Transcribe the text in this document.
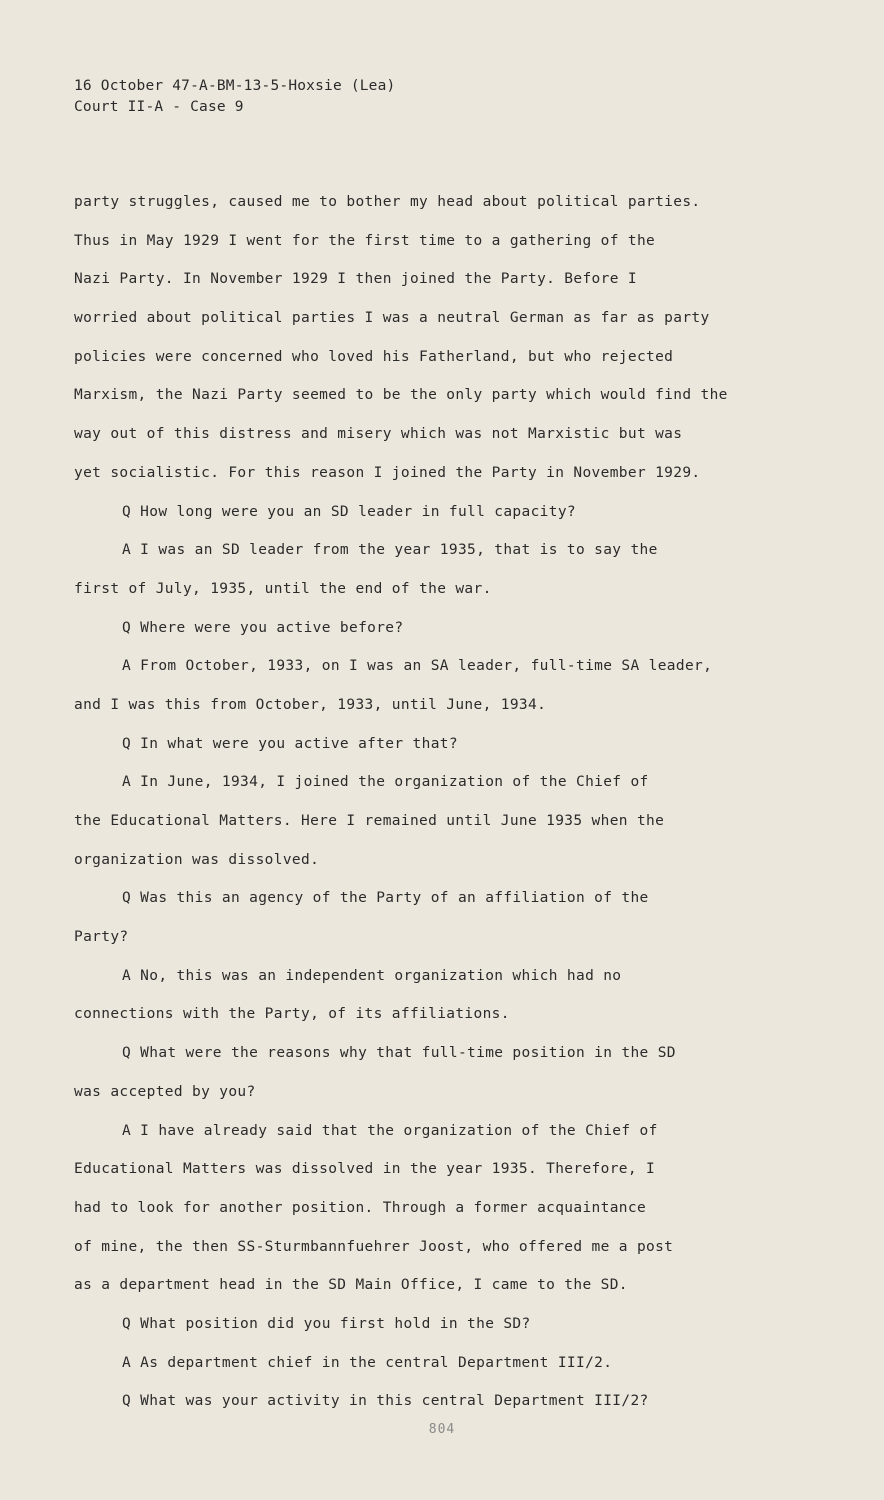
16 October 47-A-BM-13-5-Hoxsie (Lea)
Court II-A - Case 9
party struggles, caused me to bother my head about political parties.
Thus in May 1929 I went for the first time to a gathering of the
Nazi Party. In November 1929 I then joined the Party. Before I
worried about political parties I was a neutral German as far as party
policies were concerned who loved his Fatherland, but who rejected
Marxism, the Nazi Party seemed to be the only party which would find the
way out of this distress and misery which was not Marxistic but was
yet socialistic. For this reason I joined the Party in November 1929.
Q How long were you an SD leader in full capacity?
A I was an SD leader from the year 1935, that is to say the
first of July, 1935, until the end of the war.
Q Where were you active before?
A From October, 1933, on I was an SA leader, full-time SA leader,
and I was this from October, 1933, until June, 1934.
Q In what were you active after that?
A In June, 1934, I joined the organization of the Chief of
the Educational Matters. Here I remained until June 1935 when the
organization was dissolved.
Q Was this an agency of the Party of an affiliation of the
Party?
A No, this was an independent organization which had no
connections with the Party, of its affiliations.
Q What were the reasons why that full-time position in the SD
was accepted by you?
A I have already said that the organization of the Chief of
Educational Matters was dissolved in the year 1935. Therefore, I
had to look for another position. Through a former acquaintance
of mine, the then SS-Sturmbannfuehrer Joost, who offered me a post
as a department head in the SD Main Office, I came to the SD.
Q What position did you first hold in the SD?
A As department chief in the central Department III/2.
Q What was your activity in this central Department III/2?
804
